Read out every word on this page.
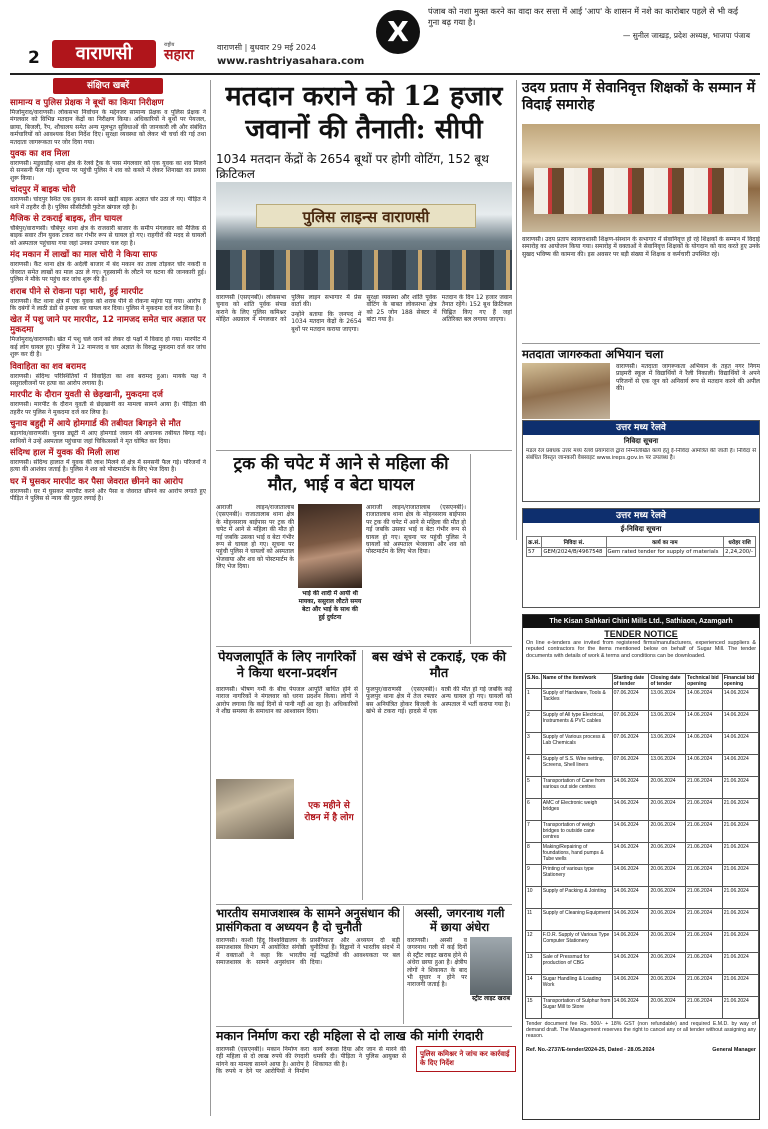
2	वाराणसी	राष्ट्रीय
सहारा	वाराणसी | बुधवार 29 मई 2024
www.rashtriyasahara.com
X
पंजाब को नशा मुक्त करने का वादा कर सत्ता में आई 'आप' के शासन में नशे का कारोबार पहले से भी कई गुना बढ़ गया है।
— सुनील जाखड़, प्रदेश अध्यक्ष, भाजपा पंजाब
संक्षिप्त खबरें
सामान्य व पुलिस प्रेक्षक ने बूथों का किया निरीक्षण
मिर्जामुराद/वाराणसी। लोकसभा निर्वाचन के मद्देनजर सामान्य प्रेक्षक व पुलिस प्रेक्षक ने मंगलवार को विभिन्न मतदान केंद्रों का निरीक्षण किया। अधिकारियों ने बूथों पर पेयजल, छाया, बिजली, रैंप, शौचालय समेत अन्य मूलभूत सुविधाओं की जानकारी ली और संबंधित कर्मचारियों को आवश्यक दिशा निर्देश दिए। सुरक्षा व्यवस्था को लेकर भी चर्चा की गई तथा मतदाता जागरूकता पर जोर दिया गया।
युवक का शव मिला
वाराणसी। मडुवाडीह थाना क्षेत्र के रेलवे ट्रैक के पास मंगलवार को एक युवक का शव मिलने से सनसनी फैल गई। सूचना पर पहुंची पुलिस ने शव को कब्जे में लेकर शिनाख्त का प्रयास शुरू किया।
चांदपुर में बाइक चोरी
वाराणसी। चांदपुर स्थित एक दुकान के सामने खड़ी बाइक अज्ञात चोर उठा ले गए। पीड़ित ने थाने में तहरीर दी है। पुलिस सीसीटीवी फुटेज खंगाल रही है।
मैजिक से टकराई बाइक, तीन घायल
चौबेपुर/वाराणसी। चौबेपुर थाना क्षेत्र के राजवारी बाजार के समीप मंगलवार को मैजिक से बाइक सवार तीन युवक टकरा कर गंभीर रूप से घायल हो गए। राहगीरों की मदद से घायलों को अस्पताल पहुंचाया गया जहां उनका उपचार चल रहा है।
मंद मकान में लाखों का माल चोरी ने किया साफ
वाराणसी। कैंट थाना क्षेत्र के अर्दली बाजार में बंद मकान का ताला तोड़कर चोर नकदी व जेवरात समेत लाखों का माल उठा ले गए। गृहस्वामी के लौटने पर घटना की जानकारी हुई। पुलिस ने मौके पर पहुंच कर जांच शुरू की है।
शराब पीने से रोकना पड़ा भारी, हुई मारपीट
वाराणसी। कैंट थाना क्षेत्र में एक युवक को शराब पीने से रोकना महंगा पड़ गया। आरोप है कि दबंगों ने लाठी डंडों से हमला कर घायल कर दिया। पुलिस ने मुकदमा दर्ज कर लिया है।
खेत में पशु जाने पर मारपीट, 12 नामजद समेत चार अज्ञात पर मुकदमा
मिर्जामुराद/वाराणसी। खेत में पशु चले जाने को लेकर दो पक्षों में विवाद हो गया। मारपीट में कई लोग घायल हुए। पुलिस ने 12 नामजद व चार अज्ञात के विरुद्ध मुकदमा दर्ज कर जांच शुरू कर दी है।
विवाहिता का शव बरामद
वाराणसी। संदिग्ध परिस्थितियों में विवाहिता का शव बरामद हुआ। मायके पक्ष ने ससुरालीजनों पर हत्या का आरोप लगाया है।
मारपीट के दौरान युवती से छेड़खानी, मुकदमा दर्ज
वाराणसी। मारपीट के दौरान युवती से छेड़खानी का मामला सामने आया है। पीड़िता की तहरीर पर पुलिस ने मुकदमा दर्ज कर लिया है।
चुनाव बहुद्दी में आये होमगार्ड की तबीयत बिगड़ने से मौत
बड़ागांव/वाराणसी। चुनाव ड्यूटी में आए होमगार्ड जवान की अचानक तबीयत बिगड़ गई। साथियों ने उन्हें अस्पताल पहुंचाया जहां चिकित्सकों ने मृत घोषित कर दिया।
संदिग्ध हाल में युवक की मिली लाश
वाराणसी। संदिग्ध हालात में युवक की लाश मिलने से क्षेत्र में सनसनी फैल गई। परिजनों ने हत्या की आशंका जताई है। पुलिस ने शव को पोस्टमार्टम के लिए भेज दिया है।
घर में घुसकर मारपीट कर पैसा जेवरात छीनने का आरोप
वाराणसी। घर में घुसकर मारपीट करने और पैसा व जेवरात छीनने का आरोप लगाते हुए पीड़ित ने पुलिस से न्याय की गुहार लगाई है।
मतदान कराने को 12 हजार
जवानों की तैनाती: सीपी
1034 मतदान केंद्रों के 2654 बूथों पर होगी वोटिंग, 152 बूथ क्रिटिकल
पुलिस लाइन्स वाराणसी

वाराणसी (एसएनबी)। लोकसभा चुनाव को शांति पूर्वक संपन्न कराने के लिए पुलिस कमिश्नर मोहित अग्रवाल ने मंगलवार को पुलिस लाइन सभागार में प्रेस वार्ता की।

उन्होंने बताया कि जनपद में 1034 मतदान केंद्रों के 2654 बूथों पर मतदान कराया जाएगा।

सुरक्षा व्यवस्था और शांति पूर्वक वोटिंग के बाबत लोकसभा क्षेत्र को 25 जोन 188 सेक्टर में बांटा गया है।

मतदान के दिन 12 हजार जवान तैनात रहेंगे। 152 बूथ क्रिटिकल चिह्नित किए गए हैं जहां अतिरिक्त बल लगाया जाएगा।

उदय प्रताप में सेवानिवृत्त शिक्षकों के सम्मान में विदाई समारोह
वाराणसी। उदय प्रताप स्वायत्तशासी शिक्षण-संस्थान के सभागार में सेवानिवृत्त हो रहे शिक्षकों के सम्मान में विदाई समारोह का आयोजन किया गया। समारोह में वक्ताओं ने सेवानिवृत्त शिक्षकों के योगदान को याद करते हुए उनके सुखद भविष्य की कामना की। इस अवसर पर बड़ी संख्या में शिक्षक व कर्मचारी उपस्थित रहे।
मतदाता जागरुकता अभियान चला
वाराणसी। मतदाता जागरूकता अभियान के तहत नगर निगम प्राइमरी स्कूल में विद्यार्थियों ने रैली निकाली। विद्यार्थियों ने अपने परिजनों से एक जून को अनिवार्य रूप से मतदान करने की अपील की।
उत्तर मध्य रेलवे
निविदा सूचना
मंडल रेल प्रबंधक उत्तर मध्य रेलवे प्रयागराज द्वारा निम्नलिखित कार्य हेतु ई-निविदा आमंत्रित की जाती है। निविदा से संबंधित विस्तृत जानकारी वेबसाइट www.ireps.gov.in पर उपलब्ध है।
उत्तर मध्य रेलवे
ई-निविदा सूचना
क्र.सं.	निविदा सं.	कार्य का नाम	धरोहर राशि
57	GEM/2024/B/4967548	Gem rated tender for supply of materials	2,24,200/-
ट्रक की चपेट में आने से महिला की मौत, भाई व बेटा घायल
आराजी लाइन/राजातालाब (एसएनबी)। राजातालाब थाना क्षेत्र के मोहनसराय बाईपास पर ट्रक की चपेट में आने से महिला की मौत हो गई जबकि उसका भाई व बेटा गंभीर रूप से घायल हो गए। सूचना पर पहुंची पुलिस ने घायलों को अस्पताल भेजवाया और शव को पोस्टमार्टम के लिए भेज दिया।
भाई की शादी में आयी थी मायका, ससुराल लौटते समय बेटा और भाई के साथ की हुई दुर्घटना
आराजी लाइन/राजातालाब (एसएनबी)। राजातालाब थाना क्षेत्र के मोहनसराय बाईपास पर ट्रक की चपेट में आने से महिला की मौत हो गई जबकि उसका भाई व बेटा गंभीर रूप से घायल हो गए। सूचना पर पहुंची पुलिस ने घायलों को अस्पताल भेजवाया और शव को पोस्टमार्टम के लिए भेज दिया।
पेयजलापूर्ति के लिए नागरिकों ने किया धरना-प्रदर्शन
वाराणसी। भीषण गर्मी के बीच पेयजल आपूर्ति बाधित होने से नाराज नागरिकों ने मंगलवार को धरना प्रदर्शन किया। लोगों ने आरोप लगाया कि कई दिनों से पानी नहीं आ रहा है। अधिकारियों ने शीघ्र समस्या के समाधान का आश्वासन दिया।
एक महीने से रोष्ठन में है लोग
बस खंभे से टकराई, एक की मौत
फूलपुर/वाराणसी (एसएनबी)। फूलपुर थाना क्षेत्र में तेज रफ्तार बस अनियंत्रित होकर बिजली के खंभे से टकरा गई। हादसे में एक यात्री की मौत हो गई जबकि कई अन्य घायल हो गए। घायलों को अस्पताल में भर्ती कराया गया है।
The Kisan Sahkari Chini Mills Ltd., Sathiaon, Azamgarh
TENDER NOTICE
On line e-tenders are invited from registered firms/manufacturers, experienced suppliers & reputed contractors for the items mentioned below on behalf of Sugar Mill. The tender documents with details of work & terms and conditions can be downloaded.
S.No.	Name of the item/work	Starting date of tender	Closing date of tender	Technical bid opening	Financial bid opening
1	Supply of Hardware, Tools & Tackles	07.06.2024	13.06.2024	14.06.2024	14.06.2024
2	Supply of All type Electrical, Instruments & PVC cables	07.06.2024	13.06.2024	14.06.2024	14.06.2024
3	Supply of Various process & Lab Chemicals	07.06.2024	13.06.2024	14.06.2024	14.06.2024
4	Supply of S.S. Wire netting, Screens, Shell liners	07.06.2024	13.06.2024	14.06.2024	14.06.2024
5	Transportation of Cane from various out side centres	14.06.2024	20.06.2024	21.06.2024	21.06.2024
6	AMC of Electronic weigh bridges	14.06.2024	20.06.2024	21.06.2024	21.06.2024
7	Transportation of weigh bridges to outside cane centres	14.06.2024	20.06.2024	21.06.2024	21.06.2024
8	Making/Repairing of foundations, hand pumps & Tube wells	14.06.2024	20.06.2024	21.06.2024	21.06.2024
9	Printing of various type Stationery	14.06.2024	20.06.2024	21.06.2024	21.06.2024
10	Supply of Packing & Jointing	14.06.2024	20.06.2024	21.06.2024	21.06.2024
11	Supply of Cleaning Equipment	14.06.2024	20.06.2024	21.06.2024	21.06.2024
12	F.O.R. Supply of Various Type Computer Stationery	14.06.2024	20.06.2024	21.06.2024	21.06.2024
13	Sale of Pressmud for production of CBG	14.06.2024	20.06.2024	21.06.2024	21.06.2024
14	Sugar Handling & Loading Work	14.06.2024	20.06.2024	21.06.2024	21.06.2024
15	Transportation of Sulphur from Sugar Mill to Store	14.06.2024	20.06.2024	21.06.2024	21.06.2024
Tender document fee Rs. 500/- + 18% GST (non refundable) and required E.M.D. by way of demand draft. The Management reserves the right to cancel any or all tender without assigning any reason.
Ref. No.-2737/E-tender/2024-25, Dated - 28.05.2024	General Manager
भारतीय समाजशास्त्र के सामने अनुसंधान की
प्रासंगिकता व अध्ययन है दो चुनौती
वाराणसी। काशी हिंदू विश्वविद्यालय के समाजशास्त्र विभाग में आयोजित संगोष्ठी में वक्ताओं ने कहा कि भारतीय समाजशास्त्र के सामने अनुसंधान की प्रासंगिकता और अध्ययन दो बड़ी चुनौतियां हैं। विद्वानों ने भारतीय संदर्भ में नई पद्धतियों की आवश्यकता पर बल दिया।
अस्सी, जगरनाथ गली
में छाया अंधेरा
वाराणसी। अस्सी व जगरनाथ गली में कई दिनों से स्ट्रीट लाइट खराब होने से अंधेरा छाया हुआ है। क्षेत्रीय लोगों ने शिकायत के बाद भी सुधार न होने पर नाराजगी जताई है।
स्ट्रीट लाइट खराब
मकान निर्माण करा रही महिला से दो लाख की मांगी रंगदारी
वाराणसी (एसएनबी)। मकान निर्माण करा रही महिला से दो लाख रुपये की रंगदारी मांगने का मामला सामने आया है। आरोप है कि रुपये न देने पर आरोपियों ने निर्माण कार्य रुकवा दिया और जान से मारने की धमकी दी। पीड़िता ने पुलिस आयुक्त से शिकायत की है।
पुलिस कमिश्नर ने जांच कर कार्रवाई के दिए निर्देश
